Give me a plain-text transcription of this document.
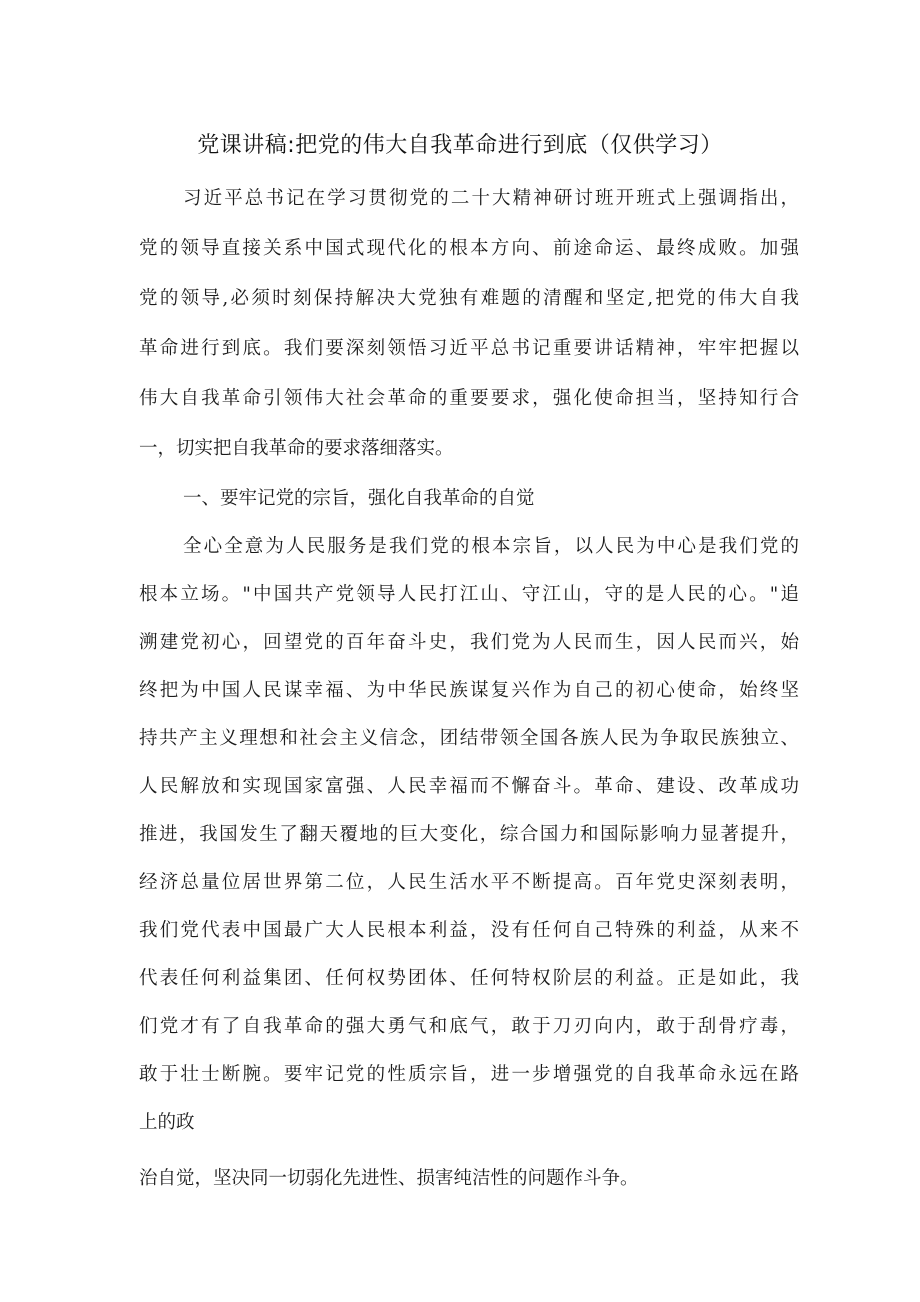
党课讲稿:把党的伟大自我革命进行到底（仅供学习）
习近平总书记在学习贯彻党的二十大精神研讨班开班式上强调指出，
党的领导直接关系中国式现代化的根本方向、前途命运、最终成败。加强
党的领导,必须时刻保持解决大党独有难题的清醒和坚定,把党的伟大自我
革命进行到底。我们要深刻领悟习近平总书记重要讲话精神，牢牢把握以
伟大自我革命引领伟大社会革命的重要要求，强化使命担当，坚持知行合
一，切实把自我革命的要求落细落实。
一、要牢记党的宗旨，强化自我革命的自觉
全心全意为人民服务是我们党的根本宗旨，以人民为中心是我们党的
根本立场。"中国共产党领导人民打江山、守江山，守的是人民的心。"追
溯建党初心，回望党的百年奋斗史，我们党为人民而生，因人民而兴，始
终把为中国人民谋幸福、为中华民族谋复兴作为自己的初心使命，始终坚
持共产主义理想和社会主义信念，团结带领全国各族人民为争取民族独立、
人民解放和实现国家富强、人民幸福而不懈奋斗。革命、建设、改革成功
推进，我国发生了翻天覆地的巨大变化，综合国力和国际影响力显著提升，
经济总量位居世界第二位，人民生活水平不断提高。百年党史深刻表明，
我们党代表中国最广大人民根本利益，没有任何自己特殊的利益，从来不
代表任何利益集团、任何权势团体、任何特权阶层的利益。正是如此，我
们党才有了自我革命的强大勇气和底气，敢于刀刃向内，敢于刮骨疗毒，
敢于壮士断腕。要牢记党的性质宗旨，进一步增强党的自我革命永远在路
上的政
治自觉，坚决同一切弱化先进性、损害纯洁性的问题作斗争。
